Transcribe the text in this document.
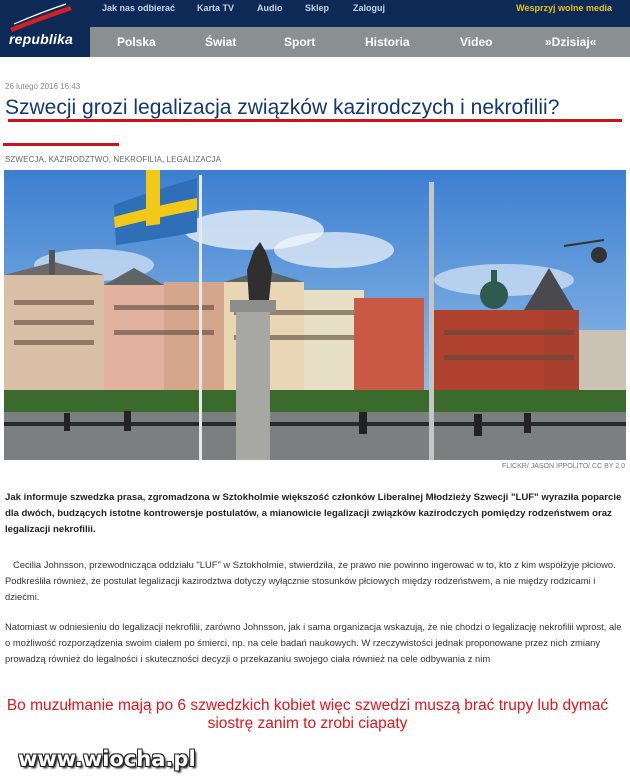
republika
Jak nas odbierać Karta TV	Audio	Sklep	Zaloguj	Wesprzyj wolne media
Polska	Świat	Sport	Historia	Video	»Dzisiaj«
26 lutego 2016 16:43
Szwecji grozi legalizacja związków kazirodczych i nekrofilii?
SZWECJA, KAZIRODZTWO, NEKROFILIA, LEGALIZACJA
FLICKR/ JASON IPPOLITO/ CC BY 2.0

Jak informuje szwedzka prasa, zgromadzona w Sztokholmie większość członków Liberalnej Młodzieży Szwecji "LUF" wyraziła poparcie dla dwóch, budzących istotne kontrowersje postulatów, a mianowicie legalizacji związków kazirodczych pomiędzy rodzeństwem oraz legalizacji nekrofilii.

Cecilia Johnsson, przewodnicząca oddziału "LUF" w Sztokholmie, stwierdziła, że prawo nie powinno ingerować w to, kto z kim współżyje płciowo. Podkreśliła również, że postulat legalizacji kazirodztwa dotyczy wyłącznie stosunków płciowych między rodzeństwem, a nie między rodzicami i dziećmi.

Natomiast w odniesieniu do legalizacji nekrofilii, zarówno Johnsson, jak i sama organizacja wskazują, że nie chodzi o legalizację nekrofilii wprost, ale o możliwość rozporządzenia swoim ciałem po śmierci, np. na cele badań naukowych. W rzeczywistości jednak proponowane przez nich zmiany prowadzą również do legalności i skuteczności decyzji o przekazaniu swojego ciała również na cele odbywania z nim

Bo muzułmanie mają po 6 szwedzkich kobiet więc szwedzi muszą brać trupy lub dymać siostrę zanim to zrobi ciapaty

www.wiocha.pl
